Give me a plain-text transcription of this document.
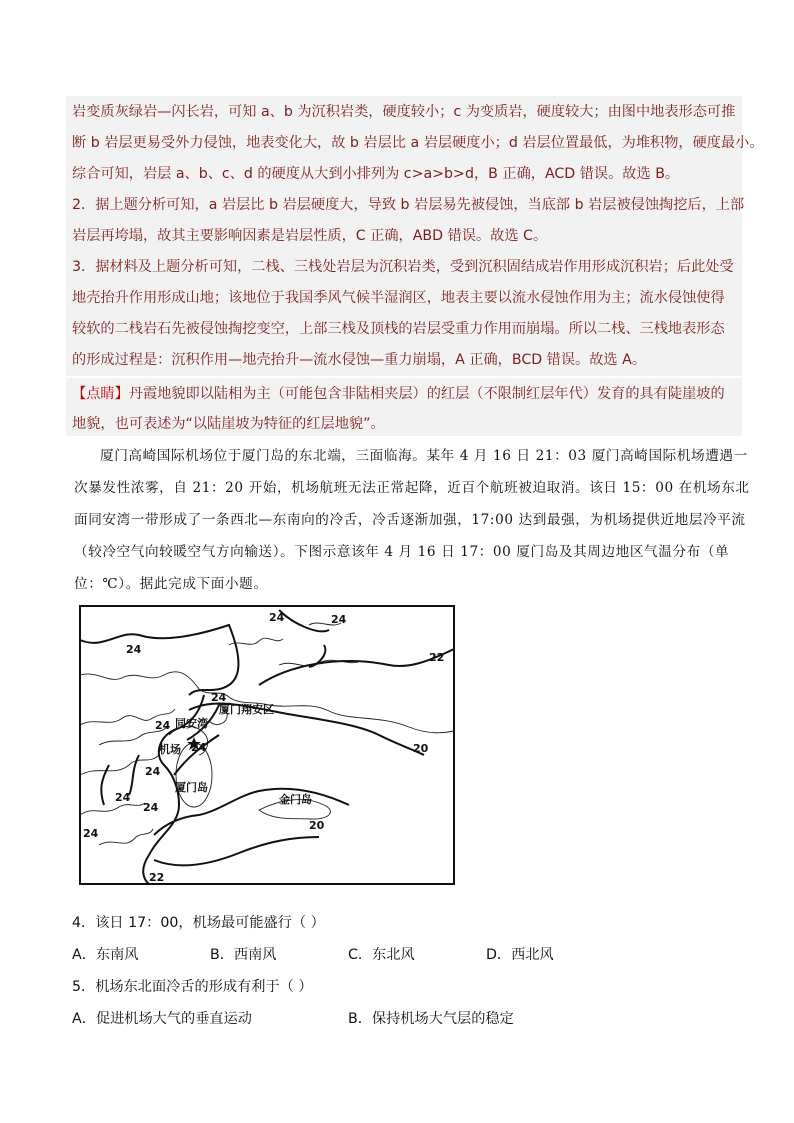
岩变质灰绿岩—闪长岩，可知 a、b 为沉积岩类，硬度较小；c 为变质岩，硬度较大；由图中地表形态可推
断 b 岩层更易受外力侵蚀，地表变化大，故 b 岩层比 a 岩层硬度小；d 岩层位置最低，为堆积物，硬度最小。
综合可知，岩层 a、b、c、d 的硬度从大到小排列为 c>a>b>d，B 正确，ACD 错误。故选 B。
2．据上题分析可知，a 岩层比 b 岩层硬度大，导致 b 岩层易先被侵蚀，当底部 b 岩层被侵蚀掏挖后，上部
岩层再垮塌，故其主要影响因素是岩层性质，C 正确，ABD 错误。故选 C。
3．据材料及上题分析可知，二栈、三栈处岩层为沉积岩类，受到沉积固结成岩作用形成沉积岩；后此处受
地壳抬升作用形成山地；该地位于我国季风气候半湿润区，地表主要以流水侵蚀作用为主；流水侵蚀使得
较软的二栈岩石先被侵蚀掏挖变空，上部三栈及顶栈的岩层受重力作用而崩塌。所以二栈、三栈地表形态
的形成过程是：沉积作用—地壳抬升—流水侵蚀—重力崩塌，A 正确，BCD 错误。故选 A。
【点睛】丹霞地貌即以陆相为主（可能包含非陆相夹层）的红层（不限制红层年代）发育的具有陡崖坡的
地貌，也可表述为“以陆崖坡为特征的红层地貌”。
厦门高崎国际机场位于厦门岛的东北端，三面临海。某年 4 月 16 日 21：03 厦门高崎国际机场遭遇一
次暴发性浓雾，自 21：20 开始，机场航班无法正常起降，近百个航班被迫取消。该日 15：00 在机场东北
面同安湾一带形成了一条西北—东南向的冷舌，冷舌逐渐加强，17:00 达到最强，为机场提供近地层冷平流
（较冷空气向较暖空气方向输送）。下图示意该年 4 月 16 日 17：00 厦门岛及其周边地区气温分布（单
位：℃）。据此完成下面小题。
24
24	24
22
24
24
24
24
24
24
20
20
24
22
厦门翔安区
同安湾
机场
厦门岛
金门岛
4．该日 17：00，机场最可能盛行（ ）
A．东南风	B．西南风	C．东北风	D．西北风
5．机场东北面冷舌的形成有利于（ ）
A．促进机场大气的垂直运动	B．保持机场大气层的稳定
